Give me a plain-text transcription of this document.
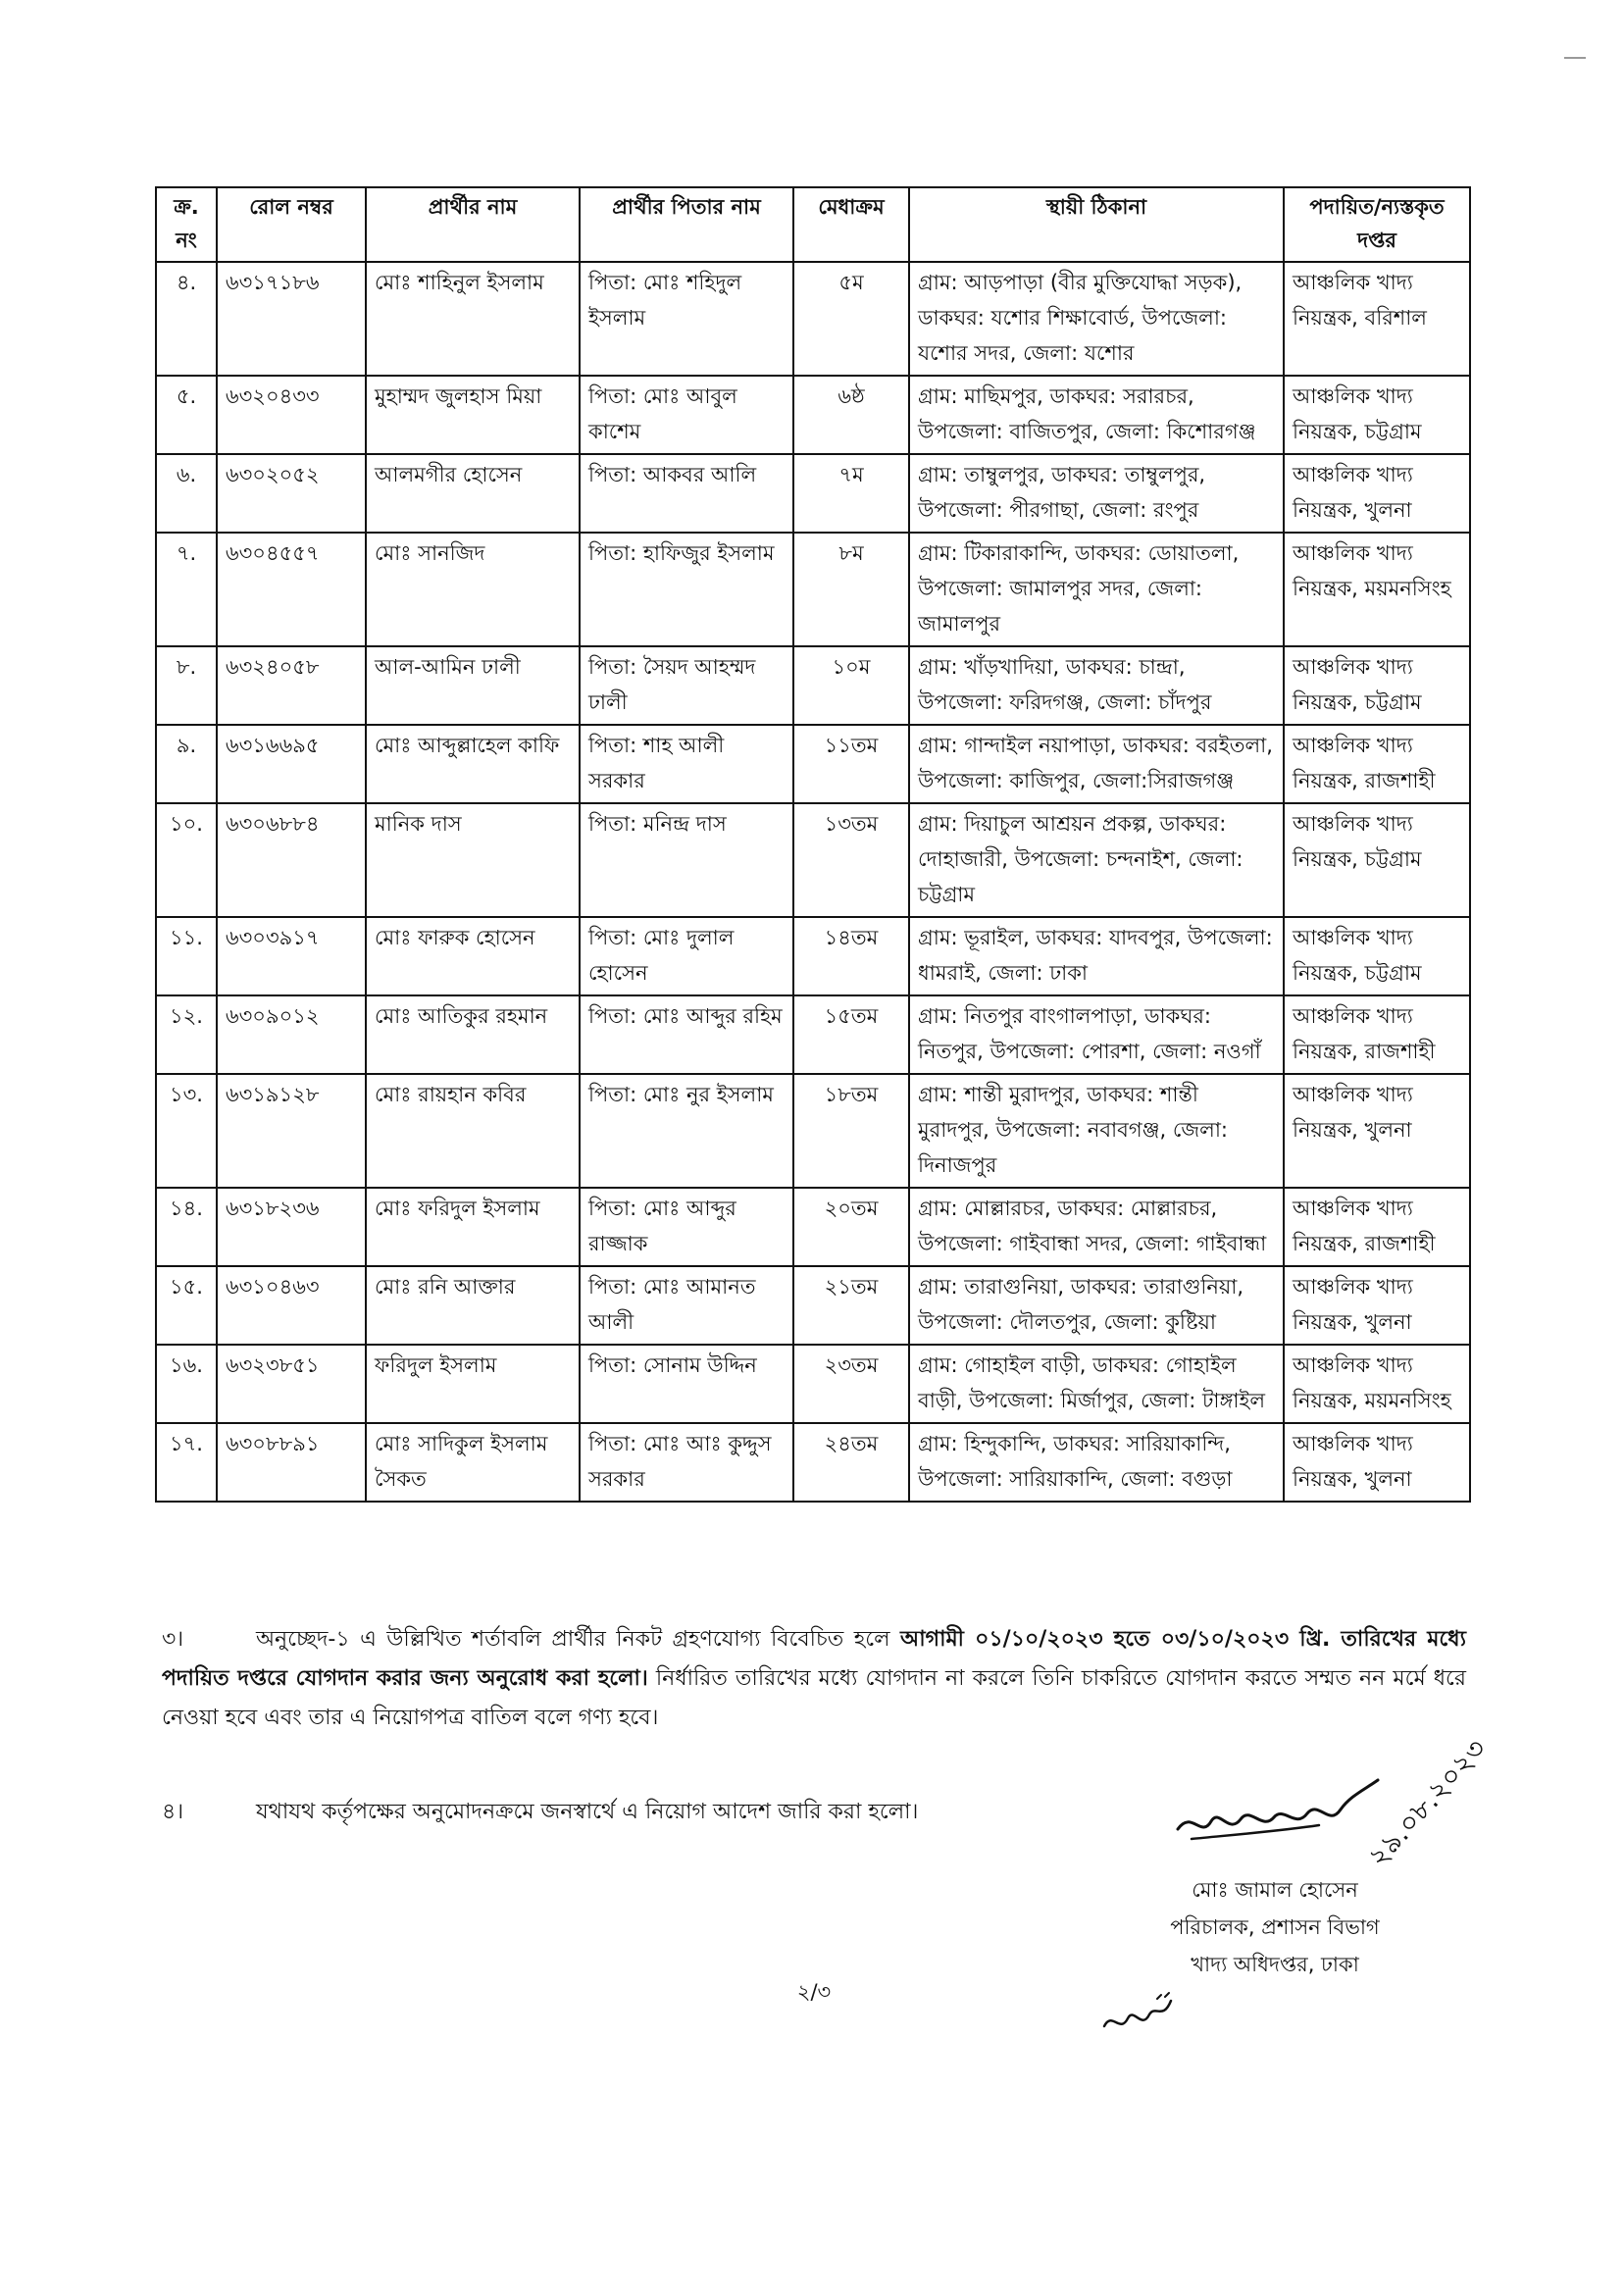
ক্র. নং	রোল নম্বর	প্রার্থীর নাম	প্রার্থীর পিতার নাম	মেধাক্রম	স্থায়ী ঠিকানা	পদায়িত/ন্যস্তকৃত দপ্তর
৪.	৬৩১৭১৮৬	মোঃ শাহিনুল ইসলাম	পিতা: মোঃ শহিদুল ইসলাম	৫ম	গ্রাম: আড়পাড়া (বীর মুক্তিযোদ্ধা সড়ক), ডাকঘর: যশোর শিক্ষাবোর্ড, উপজেলা: যশোর সদর, জেলা: যশোর	আঞ্চলিক খাদ্য নিয়ন্ত্রক, বরিশাল
৫.	৬৩২০৪৩৩	মুহাম্মদ জুলহাস মিয়া	পিতা: মোঃ আবুল কাশেম	৬ষ্ঠ	গ্রাম: মাছিমপুর, ডাকঘর: সরারচর, উপজেলা: বাজিতপুর, জেলা: কিশোরগঞ্জ	আঞ্চলিক খাদ্য নিয়ন্ত্রক, চট্টগ্রাম
৬.	৬৩০২০৫২	আলমগীর হোসেন	পিতা: আকবর আলি	৭ম	গ্রাম: তাম্বুলপুর, ডাকঘর: তাম্বুলপুর, উপজেলা: পীরগাছা, জেলা: রংপুর	আঞ্চলিক খাদ্য নিয়ন্ত্রক, খুলনা
৭.	৬৩০৪৫৫৭	মোঃ সানজিদ	পিতা: হাফিজুর ইসলাম	৮ম	গ্রাম: টিকারাকান্দি, ডাকঘর: ডোয়াতলা, উপজেলা: জামালপুর সদর, জেলা: জামালপুর	আঞ্চলিক খাদ্য নিয়ন্ত্রক, ময়মনসিংহ
৮.	৬৩২৪০৫৮	আল-আমিন ঢালী	পিতা: সৈয়দ আহম্মদ ঢালী	১০ম	গ্রাম: খাঁড়খাদিয়া, ডাকঘর: চান্দ্রা, উপজেলা: ফরিদগঞ্জ, জেলা: চাঁদপুর	আঞ্চলিক খাদ্য নিয়ন্ত্রক, চট্টগ্রাম
৯.	৬৩১৬৬৯৫	মোঃ আব্দুল্লাহেল কাফি	পিতা: শাহ আলী সরকার	১১তম	গ্রাম: গান্দাইল নয়াপাড়া, ডাকঘর: বরইতলা, উপজেলা: কাজিপুর, জেলা:সিরাজগঞ্জ	আঞ্চলিক খাদ্য নিয়ন্ত্রক, রাজশাহী
১০.	৬৩০৬৮৮৪	মানিক দাস	পিতা: মনিন্দ্র দাস	১৩তম	গ্রাম: দিয়াচুল আশ্রয়ন প্রকল্প, ডাকঘর: দোহাজারী, উপজেলা: চন্দনাইশ, জেলা: চট্টগ্রাম	আঞ্চলিক খাদ্য নিয়ন্ত্রক, চট্টগ্রাম
১১.	৬৩০৩৯১৭	মোঃ ফারুক হোসেন	পিতা: মোঃ দুলাল হোসেন	১৪তম	গ্রাম: ভূরাইল, ডাকঘর: যাদবপুর, উপজেলা: ধামরাই, জেলা: ঢাকা	আঞ্চলিক খাদ্য নিয়ন্ত্রক, চট্টগ্রাম
১২.	৬৩০৯০১২	মোঃ আতিকুর রহমান	পিতা: মোঃ আব্দুর রহিম	১৫তম	গ্রাম: নিতপুর বাংগালপাড়া, ডাকঘর: নিতপুর, উপজেলা: পোরশা, জেলা: নওগাঁ	আঞ্চলিক খাদ্য নিয়ন্ত্রক, রাজশাহী
১৩.	৬৩১৯১২৮	মোঃ রায়হান কবির	পিতা: মোঃ নুর ইসলাম	১৮তম	গ্রাম: শান্তী মুরাদপুর, ডাকঘর: শান্তী মুরাদপুর, উপজেলা: নবাবগঞ্জ, জেলা: দিনাজপুর	আঞ্চলিক খাদ্য নিয়ন্ত্রক, খুলনা
১৪.	৬৩১৮২৩৬	মোঃ ফরিদুল ইসলাম	পিতা: মোঃ আব্দুর রাজ্জাক	২০তম	গ্রাম: মোল্লারচর, ডাকঘর: মোল্লারচর, উপজেলা: গাইবান্ধা সদর, জেলা: গাইবান্ধা	আঞ্চলিক খাদ্য নিয়ন্ত্রক, রাজশাহী
১৫.	৬৩১০৪৬৩	মোঃ রনি আক্তার	পিতা: মোঃ আমানত আলী	২১তম	গ্রাম: তারাগুনিয়া, ডাকঘর: তারাগুনিয়া, উপজেলা: দৌলতপুর, জেলা: কুষ্টিয়া	আঞ্চলিক খাদ্য নিয়ন্ত্রক, খুলনা
১৬.	৬৩২৩৮৫১	ফরিদুল ইসলাম	পিতা: সোনাম উদ্দিন	২৩তম	গ্রাম: গোহাইল বাড়ী, ডাকঘর: গোহাইল বাড়ী, উপজেলা: মির্জাপুর, জেলা: টাঙ্গাইল	আঞ্চলিক খাদ্য নিয়ন্ত্রক, ময়মনসিংহ
১৭.	৬৩০৮৮৯১	মোঃ সাদিকুল ইসলাম সৈকত	পিতা: মোঃ আঃ কুদ্দুস সরকার	২৪তম	গ্রাম: হিন্দুকান্দি, ডাকঘর: সারিয়াকান্দি, উপজেলা: সারিয়াকান্দি, জেলা: বগুড়া	আঞ্চলিক খাদ্য নিয়ন্ত্রক, খুলনা
৩।	অনুচ্ছেদ-১ এ উল্লিখিত শর্তাবলি প্রার্থীর নিকট গ্রহণযোগ্য বিবেচিত হলে আগামী ০১/১০/২০২৩ হতে ০৩/১০/২০২৩ খ্রি. তারিখের মধ্যে পদায়িত দপ্তরে যোগদান করার জন্য অনুরোধ করা হলো। নির্ধারিত তারিখের মধ্যে যোগদান না করলে তিনি চাকরিতে যোগদান করতে সম্মত নন মর্মে ধরে নেওয়া হবে এবং তার এ নিয়োগপত্র বাতিল বলে গণ্য হবে।
৪।	যথাযথ কর্তৃপক্ষের অনুমোদনক্রমে জনস্বার্থে এ নিয়োগ আদেশ জারি করা হলো।	২৯.০৮.২০২৩
মোঃ জামাল হোসেন
পরিচালক, প্রশাসন বিভাগ
খাদ্য অধিদপ্তর, ঢাকা
২/৩
